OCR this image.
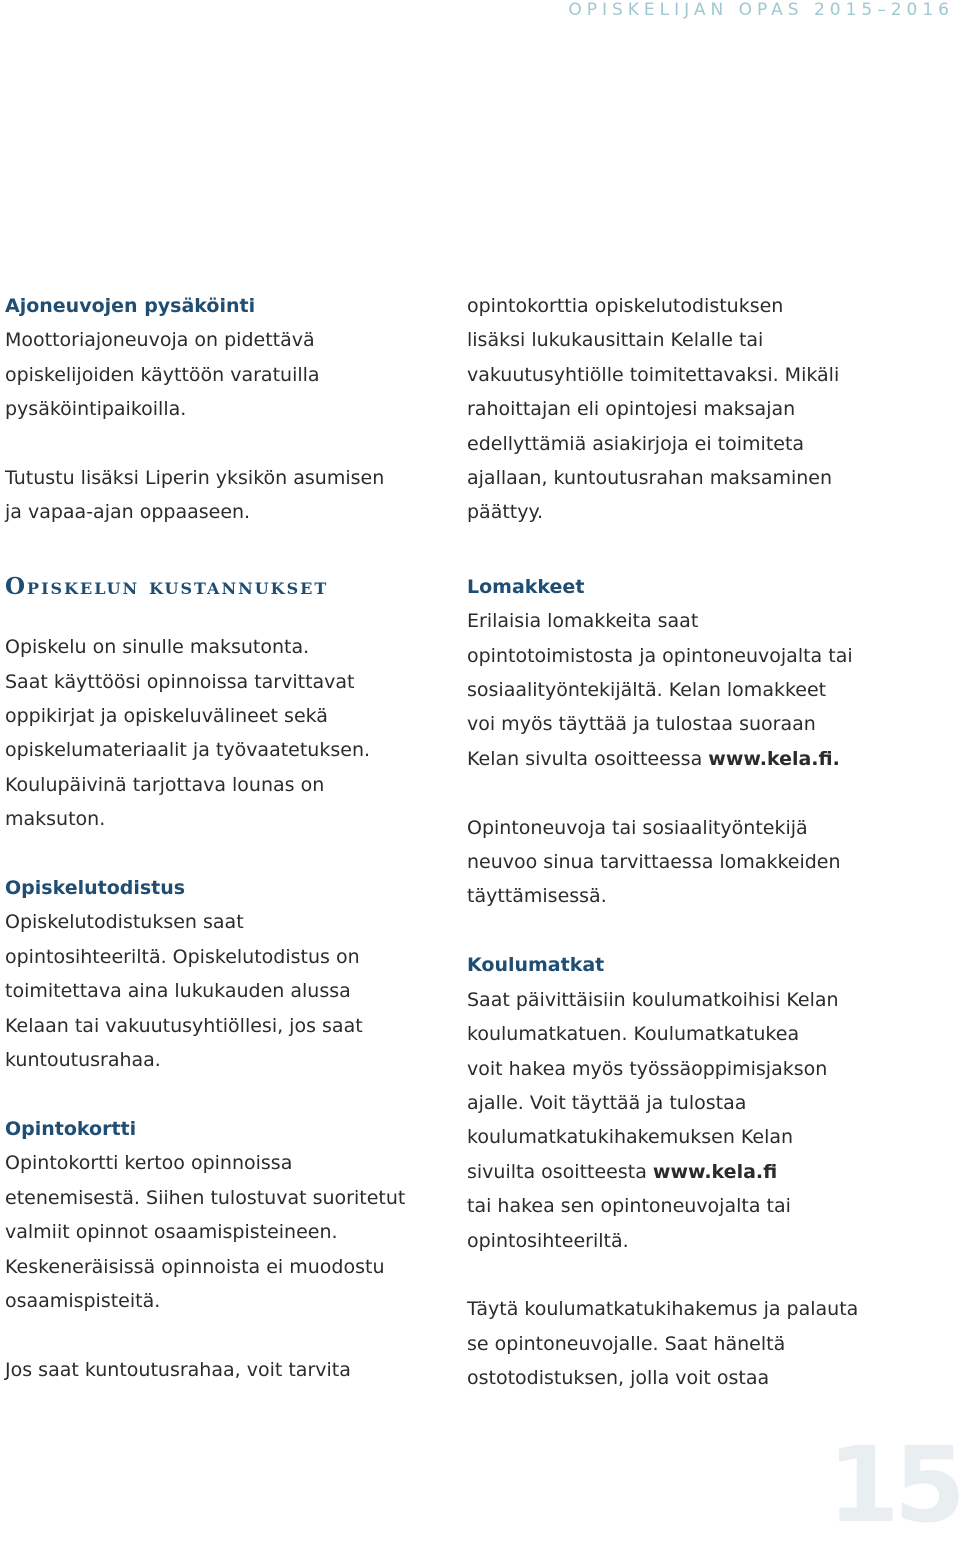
OPISKELIJAN OPAS 2015–2016
Ajoneuvojen pysäköinti
Moottoriajoneuvoja on pidettävä
opiskelijoiden käyttöön varatuilla
pysäköintipaikoilla.
Tutustu lisäksi Liperin yksikön asumisen
ja vapaa-ajan oppaaseen.
Opiskelun kustannukset
Opiskelu on sinulle maksutonta.
Saat käyttöösi opinnoissa tarvittavat
oppikirjat ja opiskeluvälineet sekä
opiskelumateriaalit ja työvaatetuksen.
Koulupäivinä tarjottava lounas on
maksuton.
Opiskelutodistus
Opiskelutodistuksen saat
opintosihteeriltä. Opiskelutodistus on
toimitettava aina lukukauden alussa
Kelaan tai vakuutusyhtiöllesi, jos saat
kuntoutusrahaa.
Opintokortti
Opintokortti kertoo opinnoissa
etenemisestä. Siihen tulostuvat suoritetut
valmiit opinnot osaamispisteineen.
Keskeneräisissä opinnoista ei muodostu
osaamispisteitä.
Jos saat kuntoutusrahaa, voit tarvita
opintokorttia opiskelutodistuksen
lisäksi lukukausittain Kelalle tai
vakuutusyhtiölle toimitettavaksi. Mikäli
rahoittajan eli opintojesi maksajan
edellyttämiä asiakirjoja ei toimiteta
ajallaan, kuntoutusrahan maksaminen
päättyy.
Lomakkeet
Erilaisia lomakkeita saat
opintotoimistosta ja opintoneuvojalta tai
sosiaalityöntekijältä. Kelan lomakkeet
voi myös täyttää ja tulostaa suoraan
Kelan sivulta osoitteessa www.kela.fi.
Opintoneuvoja tai sosiaalityöntekijä
neuvoo sinua tarvittaessa lomakkeiden
täyttämisessä.
Koulumatkat
Saat päivittäisiin koulumatkoihisi Kelan
koulumatkatuen. Koulumatkatukea
voit hakea myös työssäoppimisjakson
ajalle. Voit täyttää ja tulostaa
koulumatkatukihakemuksen Kelan
sivuilta osoitteesta www.kela.fi
tai hakea sen opintoneuvojalta tai
opintosihteeriltä.
Täytä koulumatkatukihakemus ja palauta
se opintoneuvojalle. Saat häneltä
ostotodistuksen, jolla voit ostaa
15
